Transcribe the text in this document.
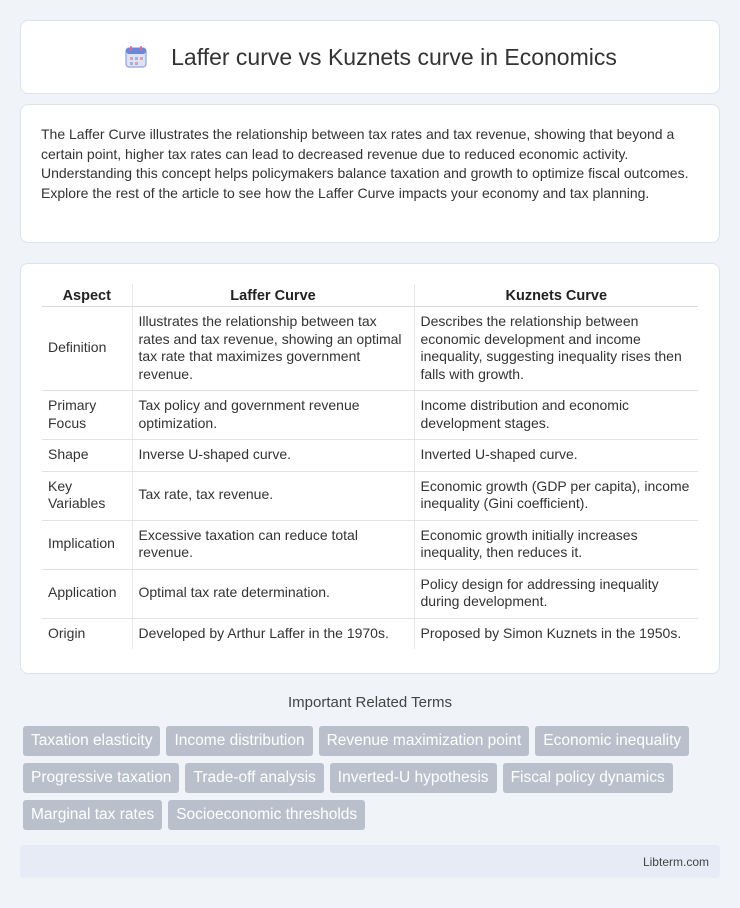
Laffer curve vs Kuznets curve in Economics

The Laffer Curve illustrates the relationship between tax rates and tax revenue, showing that beyond a certain point, higher tax rates can lead to decreased revenue due to reduced economic activity. Understanding this concept helps policymakers balance taxation and growth to optimize fiscal outcomes. Explore the rest of the article to see how the Laffer Curve impacts your economy and tax planning.

Aspect	Laffer Curve	Kuznets Curve
Definition	Illustrates the relationship between tax rates and tax revenue, showing an optimal tax rate that maximizes government revenue.	Describes the relationship between economic development and income inequality, suggesting inequality rises then falls with growth.
Primary Focus	Tax policy and government revenue optimization.	Income distribution and economic development stages.
Shape	Inverse U-shaped curve.	Inverted U-shaped curve.
Key Variables	Tax rate, tax revenue.	Economic growth (GDP per capita), income inequality (Gini coefficient).
Implication	Excessive taxation can reduce total revenue.	Economic growth initially increases inequality, then reduces it.
Application	Optimal tax rate determination.	Policy design for addressing inequality during development.
Origin	Developed by Arthur Laffer in the 1970s.	Proposed by Simon Kuznets in the 1950s.
Important Related Terms
Taxation elasticity	Income distribution	Revenue maximization point	Economic inequality
Progressive taxation	Trade-off analysis	Inverted-U hypothesis	Fiscal policy dynamics
Marginal tax rates	Socioeconomic thresholds
Libterm.com
